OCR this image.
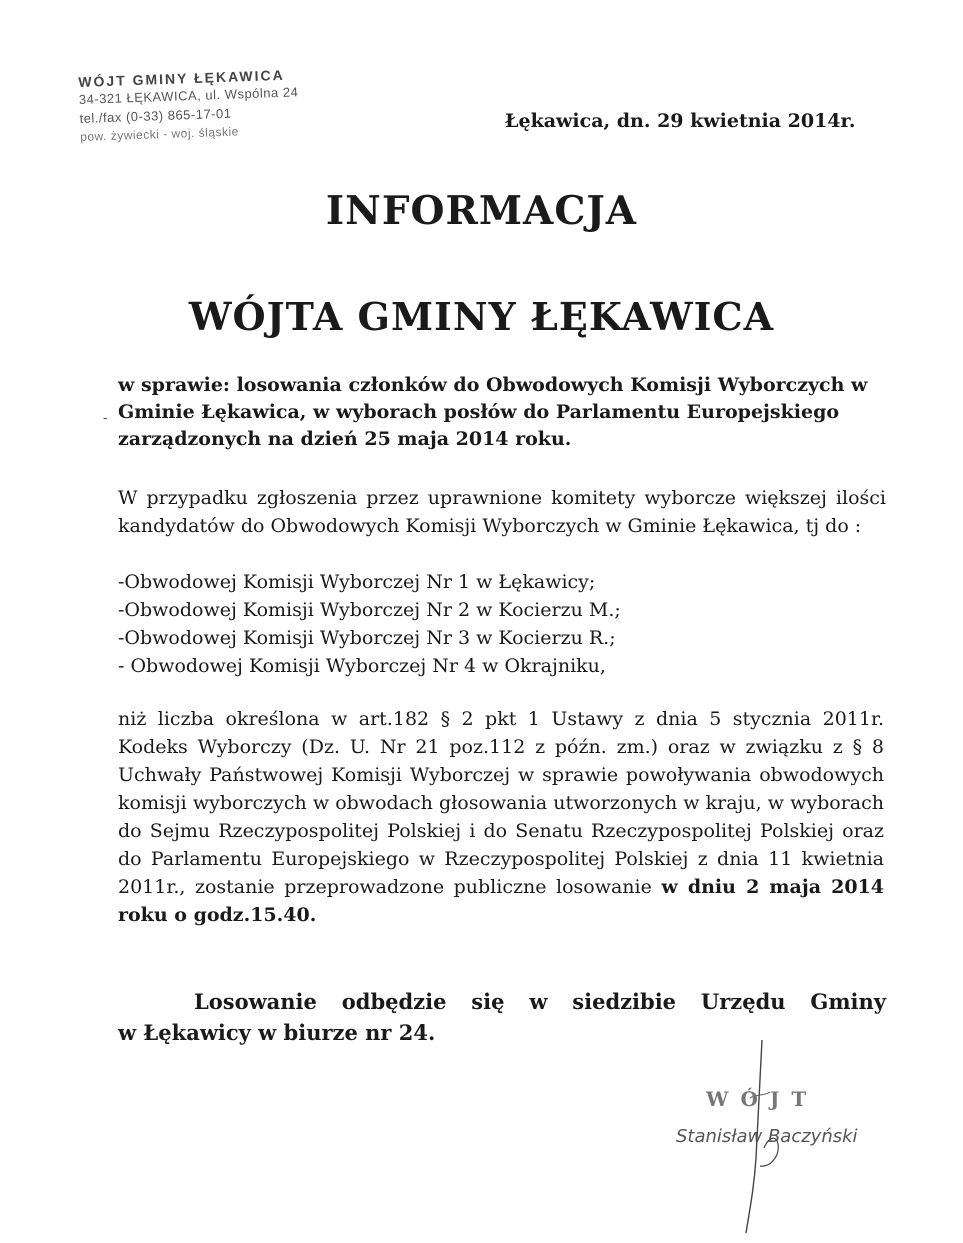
WÓJT GMINY ŁĘKAWICA
34-321 ŁĘKAWICA, ul. Wspólna 24
tel./fax (0-33) 865-17-01
pow. żywiecki - woj. śląskie
Łękawica, dn. 29 kwietnia 2014r.
INFORMACJA
WÓJTA GMINY ŁĘKAWICA
-
w sprawie: losowania członków do Obwodowych Komisji Wyborczych w Gminie Łękawica, w wyborach posłów do Parlamentu Europejskiego zarządzonych na dzień 25 maja 2014 roku.
W przypadku zgłoszenia przez uprawnione komitety wyborcze większej ilości kandydatów do Obwodowych Komisji Wyborczych w Gminie Łękawica, tj do :
-Obwodowej Komisji Wyborczej Nr 1 w Łękawicy;
-Obwodowej Komisji Wyborczej Nr 2 w Kocierzu M.;
-Obwodowej Komisji Wyborczej Nr 3 w Kocierzu R.;
- Obwodowej Komisji Wyborczej Nr 4 w Okrajniku,
niż liczba określona w art.182 § 2 pkt 1 Ustawy z dnia 5 stycznia 2011r. Kodeks Wyborczy (Dz. U. Nr 21 poz.112 z późn. zm.) oraz w związku z § 8 Uchwały Państwowej Komisji Wyborczej w sprawie powoływania obwodowych komisji wyborczych w obwodach głosowania utworzonych w kraju, w wyborach do Sejmu Rzeczypospolitej Polskiej i do Senatu Rzeczypospolitej Polskiej oraz do Parlamentu Europejskiego w Rzeczypospolitej Polskiej z dnia 11 kwietnia 2011r., zostanie przeprowadzone publiczne losowanie w dniu 2 maja 2014 roku o godz.15.40.
Losowanie odbędzie się w siedzibie Urzędu Gminy
w Łękawicy w biurze nr 24.
WÓJT
Stanisław Baczyński
